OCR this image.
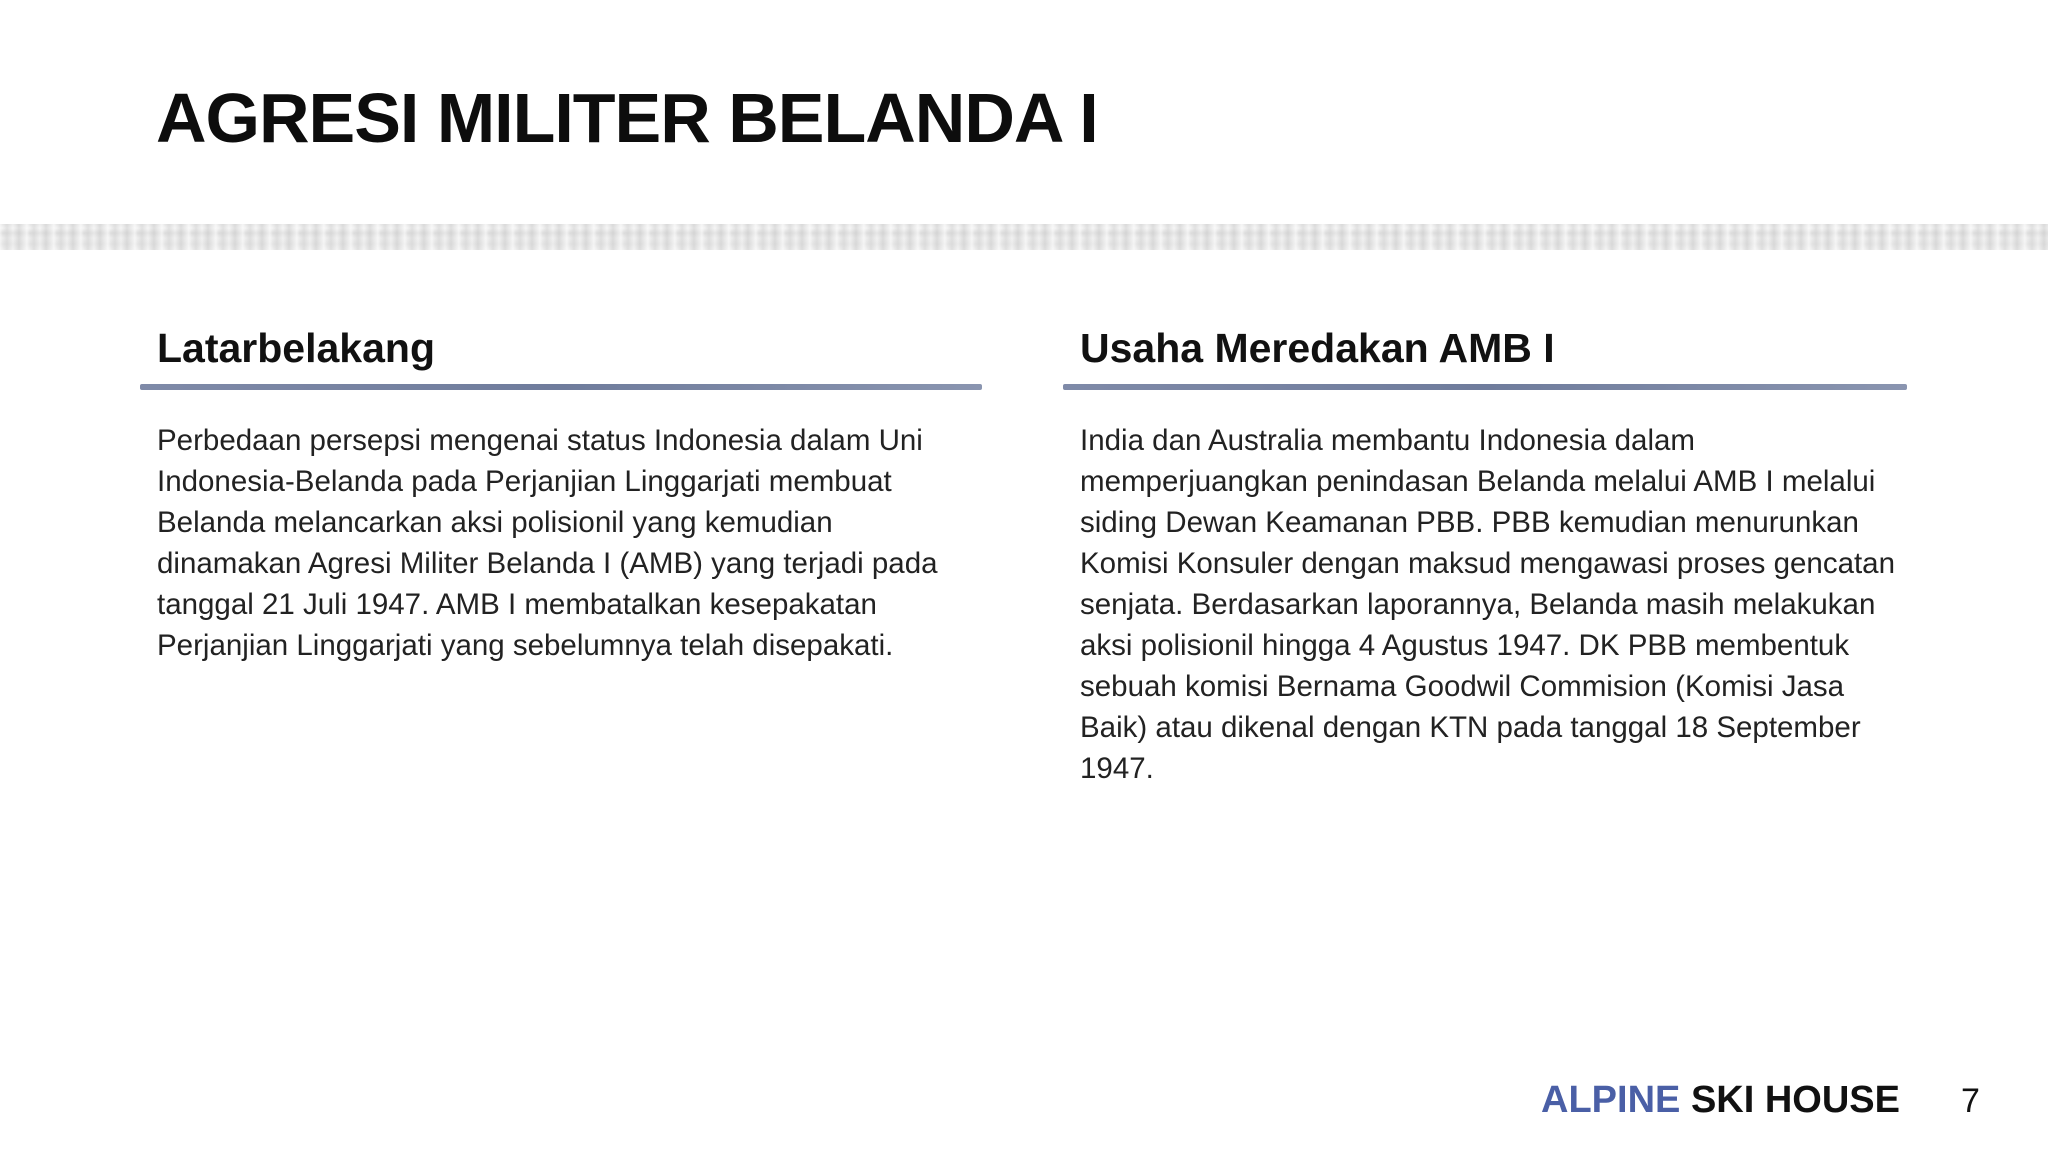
AGRESI MILITER BELANDA I
Latarbelakang
Perbedaan persepsi mengenai status Indonesia dalam Uni Indonesia-Belanda pada Perjanjian Linggarjati membuat Belanda melancarkan aksi polisionil yang kemudian dinamakan Agresi Militer Belanda I (AMB) yang terjadi pada tanggal 21 Juli 1947. AMB I membatalkan kesepakatan Perjanjian Linggarjati yang sebelumnya telah disepakati.
Usaha Meredakan AMB I
India dan Australia membantu Indonesia dalam memperjuangkan penindasan Belanda melalui AMB I melalui siding Dewan Keamanan PBB. PBB kemudian menurunkan Komisi Konsuler dengan maksud mengawasi proses gencatan senjata. Berdasarkan laporannya, Belanda masih melakukan aksi polisionil hingga 4 Agustus 1947. DK PBB membentuk sebuah komisi Bernama Goodwil Commision (Komisi Jasa Baik) atau dikenal dengan KTN pada tanggal 18 September 1947.
ALPINE SKI HOUSE 7
